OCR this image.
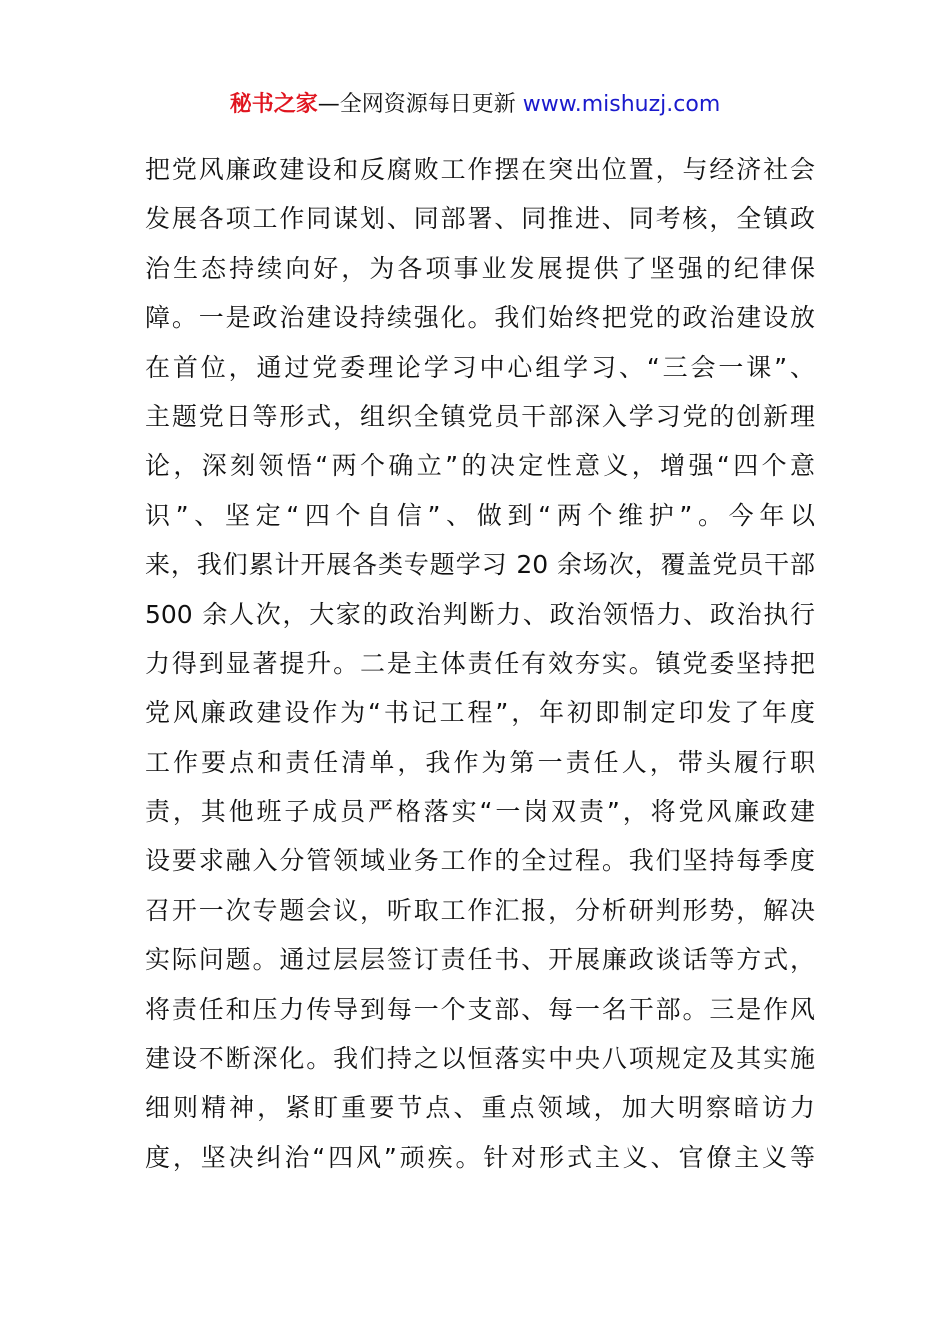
秘书之家—全网资源每日更新 www.mishuzj.com
把党风廉政建设和反腐败工作摆在突出位置，与经济社会
发展各项工作同谋划、同部署、同推进、同考核，全镇政
治生态持续向好，为各项事业发展提供了坚强的纪律保
障。一是政治建设持续强化。我们始终把党的政治建设放
在首位，通过党委理论学习中心组学习、“三会一课”、
主题党日等形式，组织全镇党员干部深入学习党的创新理
论，深刻领悟“两个确立”的决定性意义，增强“四个意
识”、坚定“四个自信”、做到“两个维护”。今年以
来，我们累计开展各类专题学习 20 余场次，覆盖党员干部
500 余人次，大家的政治判断力、政治领悟力、政治执行
力得到显著提升。二是主体责任有效夯实。镇党委坚持把
党风廉政建设作为“书记工程”，年初即制定印发了年度
工作要点和责任清单，我作为第一责任人，带头履行职
责，其他班子成员严格落实“一岗双责”，将党风廉政建
设要求融入分管领域业务工作的全过程。我们坚持每季度
召开一次专题会议，听取工作汇报，分析研判形势，解决
实际问题。通过层层签订责任书、开展廉政谈话等方式，
将责任和压力传导到每一个支部、每一名干部。三是作风
建设不断深化。我们持之以恒落实中央八项规定及其实施
细则精神，紧盯重要节点、重点领域，加大明察暗访力
度，坚决纠治“四风”顽疾。针对形式主义、官僚主义等
